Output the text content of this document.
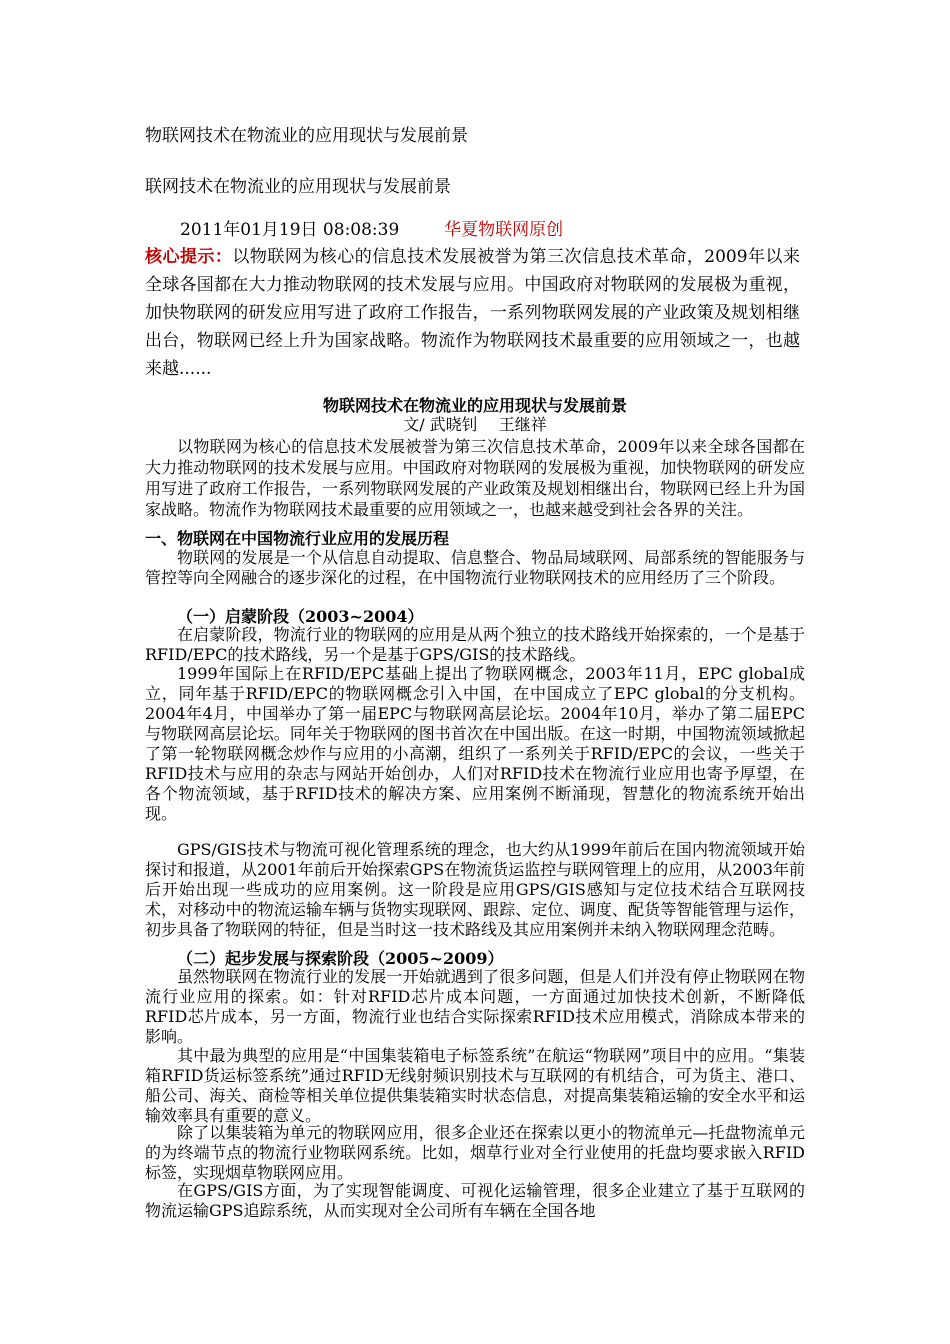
物联网技术在物流业的应用现状与发展前景
联网技术在物流业的应用现状与发展前景
2011年01月19日 08:08:39	华夏物联网原创
核心提示：以物联网为核心的信息技术发展被誉为第三次信息技术革命，2009年以来全球各国都在大力推动物联网的技术发展与应用。中国政府对物联网的发展极为重视，加快物联网的研发应用写进了政府工作报告，一系列物联网发展的产业政策及规划相继出台，物联网已经上升为国家战略。物流作为物联网技术最重要的应用领域之一，也越来越......
物联网技术在物流业的应用现状与发展前景
文/ 武晓钊　 王继祥
以物联网为核心的信息技术发展被誉为第三次信息技术革命，2009年以来全球各国都在大力推动物联网的技术发展与应用。中国政府对物联网的发展极为重视，加快物联网的研发应用写进了政府工作报告，一系列物联网发展的产业政策及规划相继出台，物联网已经上升为国家战略。物流作为物联网技术最重要的应用领域之一，也越来越受到社会各界的关注。
一、物联网在中国物流行业应用的发展历程
物联网的发展是一个从信息自动提取、信息整合、物品局域联网、局部系统的智能服务与管控等向全网融合的逐步深化的过程，在中国物流行业物联网技术的应用经历了三个阶段。
（一）启蒙阶段（2003~2004）
在启蒙阶段，物流行业的物联网的应用是从两个独立的技术路线开始探索的，一个是基于RFID/EPC的技术路线，另一个是基于GPS/GIS的技术路线。
1999年国际上在RFID/EPC基础上提出了物联网概念，2003年11月，EPC global成立，同年基于RFID/EPC的物联网概念引入中国，在中国成立了EPC global的分支机构。2004年4月，中国举办了第一届EPC与物联网高层论坛。2004年10月，举办了第二届EPC与物联网高层论坛。同年关于物联网的图书首次在中国出版。在这一时期，中国物流领域掀起了第一轮物联网概念炒作与应用的小高潮，组织了一系列关于RFID/EPC的会议，一些关于RFID技术与应用的杂志与网站开始创办，人们对RFID技术在物流行业应用也寄予厚望，在各个物流领域，基于RFID技术的解决方案、应用案例不断涌现，智慧化的物流系统开始出现。
GPS/GIS技术与物流可视化管理系统的理念，也大约从1999年前后在国内物流领域开始探讨和报道，从2001年前后开始探索GPS在物流货运监控与联网管理上的应用，从2003年前后开始出现一些成功的应用案例。这一阶段是应用GPS/GIS感知与定位技术结合互联网技术，对移动中的物流运输车辆与货物实现联网、跟踪、定位、调度、配货等智能管理与运作，初步具备了物联网的特征，但是当时这一技术路线及其应用案例并未纳入物联网理念范畴。
（二）起步发展与探索阶段（2005~2009）
虽然物联网在物流行业的发展一开始就遇到了很多问题，但是人们并没有停止物联网在物流行业应用的探索。如：针对RFID芯片成本问题，一方面通过加快技术创新，不断降低RFID芯片成本，另一方面，物流行业也结合实际探索RFID技术应用模式，消除成本带来的影响。
其中最为典型的应用是“中国集装箱电子标签系统”在航运“物联网”项目中的应用。“集装箱RFID货运标签系统”通过RFID无线射频识别技术与互联网的有机结合，可为货主、港口、船公司、海关、商检等相关单位提供集装箱实时状态信息，对提高集装箱运输的安全水平和运输效率具有重要的意义。
除了以集装箱为单元的物联网应用，很多企业还在探索以更小的物流单元—托盘物流单元的为终端节点的物流行业物联网系统。比如，烟草行业对全行业使用的托盘均要求嵌入RFID标签，实现烟草物联网应用。
在GPS/GIS方面，为了实现智能调度、可视化运输管理，很多企业建立了基于互联网的物流运输GPS追踪系统，从而实现对全公司所有车辆在全国各地
